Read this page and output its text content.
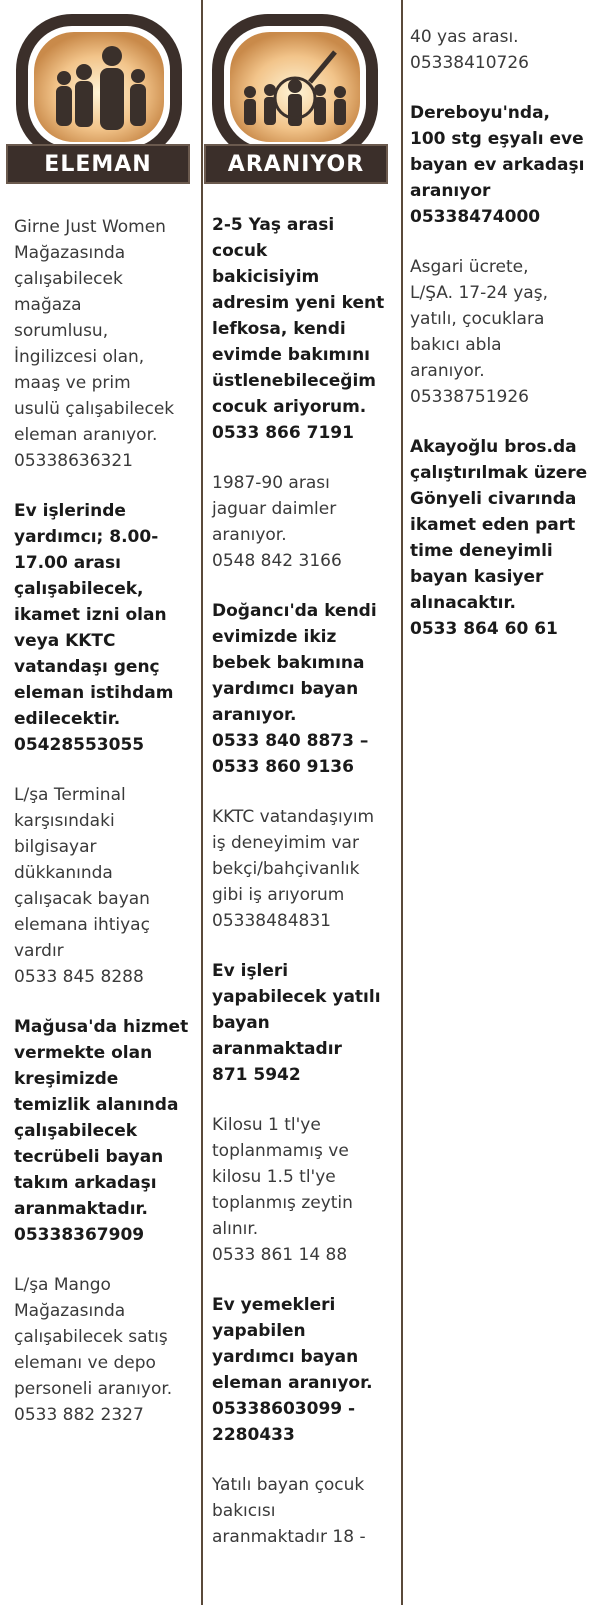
ELEMAN
Girne Just Women
Mağazasında
çalışabilecek
mağaza
sorumlusu,
İngilizcesi olan,
maaş ve prim
usulü çalışabilecek
eleman aranıyor.
05338636321
Ev işlerinde
yardımcı; 8.00-
17.00 arası
çalışabilecek,
ikamet izni olan
veya KKTC
vatandaşı genç
eleman istihdam
edilecektir.
05428553055
L/şa Terminal
karşısındaki
bilgisayar
dükkanında
çalışacak bayan
elemana ihtiyaç
vardır
0533 845 8288
Mağusa'da hizmet
vermekte olan
kreşimizde
temizlik alanında
çalışabilecek
tecrübeli bayan
takım arkadaşı
aranmaktadır.
05338367909
L/şa Mango
Mağazasında
çalışabilecek satış
elemanı ve depo
personeli aranıyor.
0533 882 2327
ARANIYOR
2-5 Yaş arasi cocuk
bakicisiyim
adresim yeni kent
lefkosa, kendi
evimde bakımını
üstlenebileceğim
cocuk ariyorum.
0533 866 7191
1987-90 arası
jaguar daimler
aranıyor.
0548 842 3166
Doğancı'da kendi
evimizde ikiz
bebek bakımına
yardımcı bayan
aranıyor.
0533 840 8873 –
0533 860 9136
KKTC vatandaşıyım
iş deneyimim var
bekçi/bahçivanlık
gibi iş arıyorum
05338484831
Ev işleri
yapabilecek yatılı
bayan aranmaktadır
871 5942
Kilosu 1 tl'ye
toplanmamış ve
kilosu 1.5 tl'ye
toplanmış zeytin
alınır.
0533 861 14 88
Ev yemekleri
yapabilen
yardımcı bayan
eleman aranıyor.
05338603099 -
2280433
Yatılı bayan çocuk
bakıcısı
aranmaktadır 18 -
40 yas arası.
05338410726
Dereboyu'nda,
100 stg eşyalı eve
bayan ev arkadaşı
aranıyor
05338474000
Asgari ücrete,
L/ŞA. 17-24 yaş,
yatılı, çocuklara
bakıcı abla
aranıyor.
05338751926
Akayoğlu bros.da
çalıştırılmak üzere
Gönyeli civarında
ikamet eden part
time deneyimli
bayan kasiyer
alınacaktır.
0533 864 60 61
